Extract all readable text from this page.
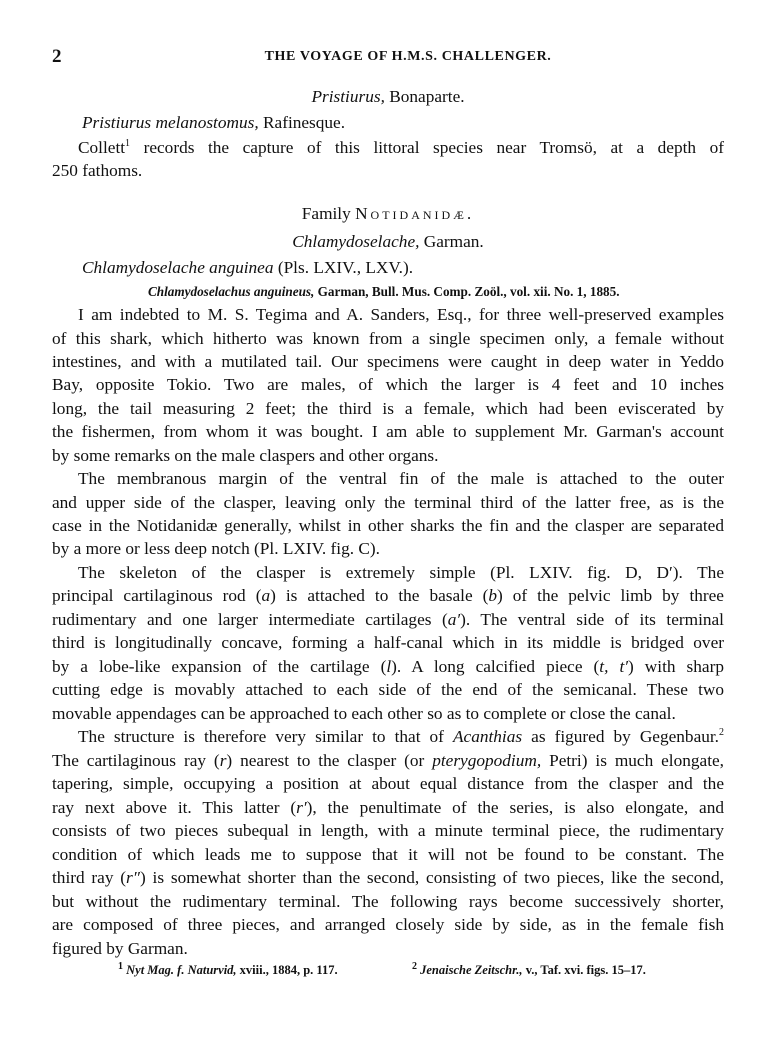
2	THE VOYAGE OF H.M.S. CHALLENGER.
Pristiurus, Bonaparte.
Pristiurus melanostomus, Rafinesque.
Collett$^1$ records the capture of this littoral species near Tromsö, at a depth of
250 fathoms.
Family Notidanidæ.
Chlamydoselache, Garman.
Chlamydoselache anguinea (Pls. LXIV., LXV.).
Chlamydoselachus anguineus, Garman, Bull. Mus. Comp. Zoöl., vol. xii. No. 1, 1885.
I am indebted to M. S. Tegima and A. Sanders, Esq., for three well-preserved examples
of this shark, which hitherto was known from a single specimen only, a female without
intestines, and with a mutilated tail. Our specimens were caught in deep water in Yeddo
Bay, opposite Tokio. Two are males, of which the larger is 4 feet and 10 inches
long, the tail measuring 2 feet; the third is a female, which had been eviscerated by
the fishermen, from whom it was bought. I am able to supplement Mr. Garman's account
by some remarks on the male claspers and other organs.
The membranous margin of the ventral fin of the male is attached to the outer
and upper side of the clasper, leaving only the terminal third of the latter free, as is the
case in the Notidanidæ generally, whilst in other sharks the fin and the clasper are separated
by a more or less deep notch (Pl. LXIV. fig. C).
The skeleton of the clasper is extremely simple (Pl. LXIV. fig. D, D′). The
principal cartilaginous rod (a) is attached to the basale (b) of the pelvic limb by three
rudimentary and one larger intermediate cartilages (a′). The ventral side of its terminal
third is longitudinally concave, forming a half-canal which in its middle is bridged over
by a lobe-like expansion of the cartilage (l). A long calcified piece (t, t′) with sharp
cutting edge is movably attached to each side of the end of the semicanal. These two
movable appendages can be approached to each other so as to complete or close the canal.
The structure is therefore very similar to that of Acanthias as figured by Gegenbaur.$^2$
The cartilaginous ray (r) nearest to the clasper (or pterygopodium, Petri) is much elongate,
tapering, simple, occupying a position at about equal distance from the clasper and the
ray next above it. This latter (r′), the penultimate of the series, is also elongate, and
consists of two pieces subequal in length, with a minute terminal piece, the rudimentary
condition of which leads me to suppose that it will not be found to be constant. The
third ray (r″) is somewhat shorter than the second, consisting of two pieces, like the second,
but without the rudimentary terminal. The following rays become successively shorter,
are composed of three pieces, and arranged closely side by side, as in the female fish
figured by Garman.
$^1$ Nyt Mag. f. Naturvid, xviii., 1884, p. 117.	$^2$ Jenaische Zeitschr., v., Taf. xvi. figs. 15–17.
